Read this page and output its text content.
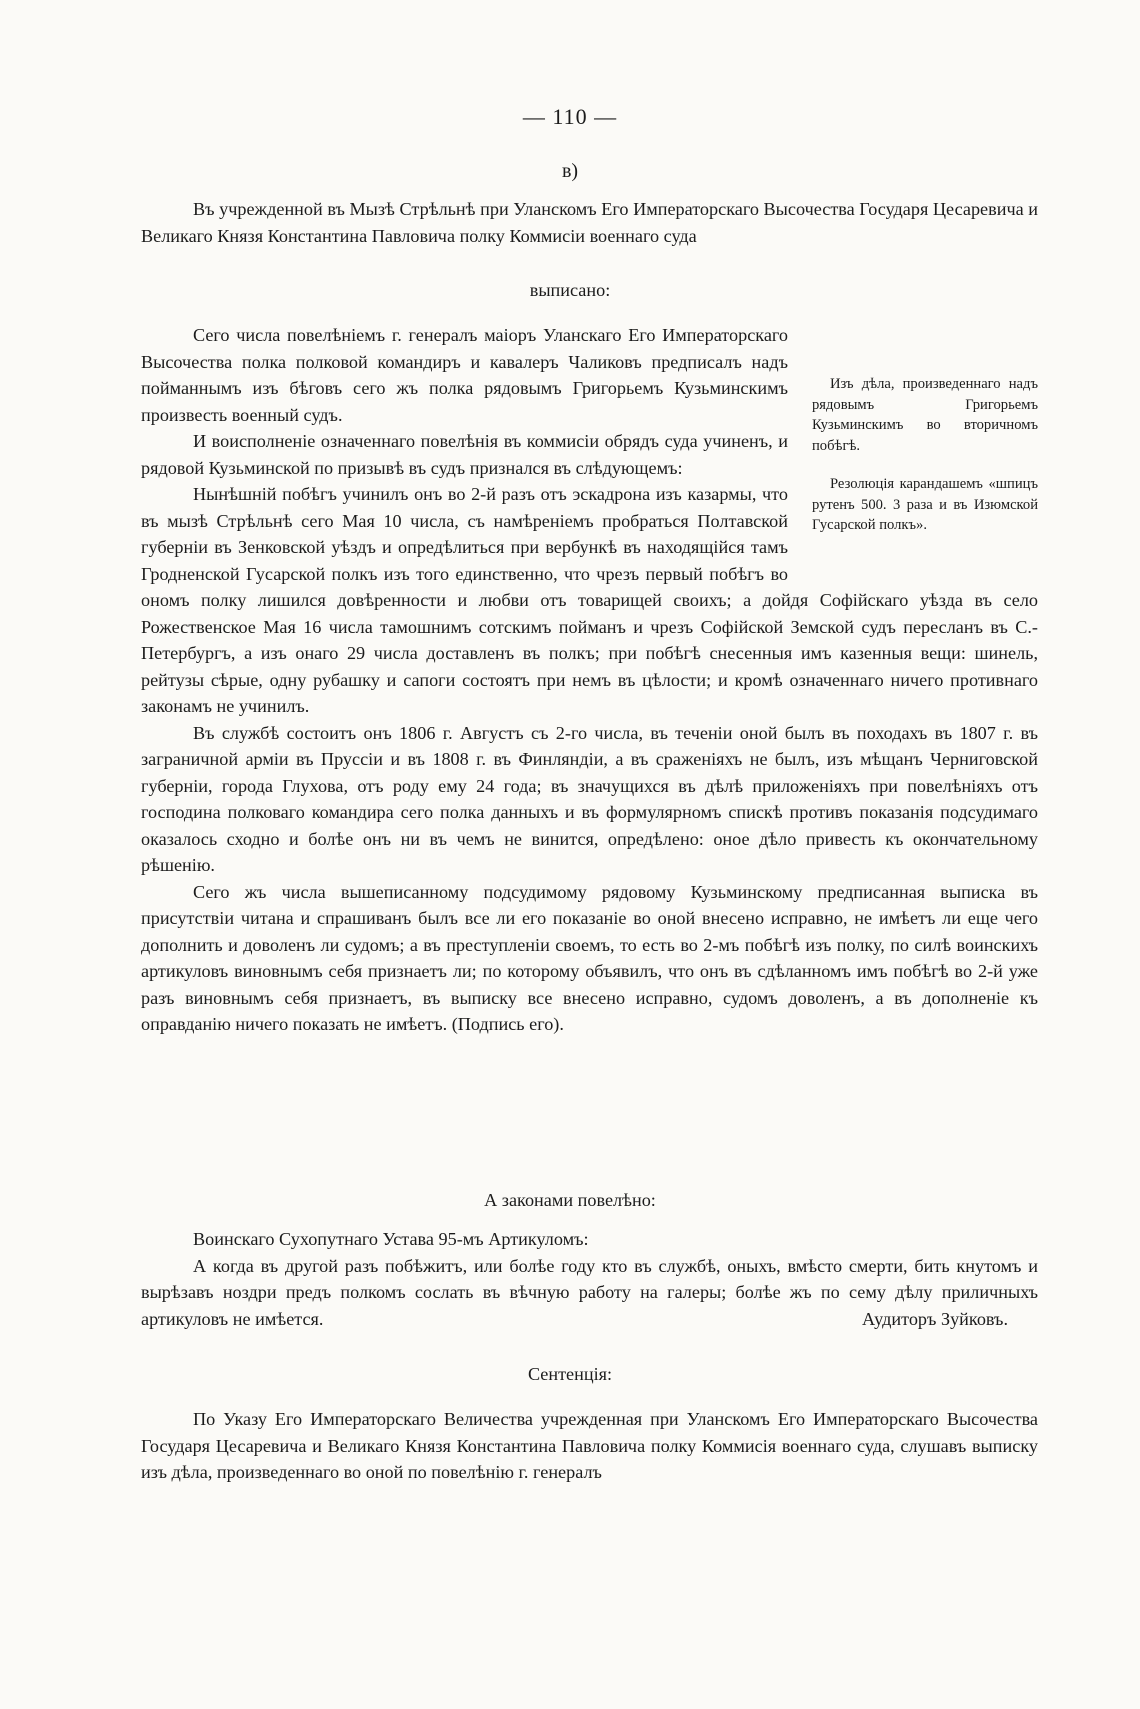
— 110 —
в)

Въ учрежденной въ Мызѣ Стрѣльнѣ при Уланскомъ Его Императорскаго Высочества Государя Цесаревича и Великаго Князя Константина Павловича полку Коммисіи военнаго суда

выписано:

Изъ дѣла, произведеннаго надъ рядовымъ Григорьемъ Кузьминскимъ во вторичномъ побѣгѣ.

Резолюція карандашемъ «шпицъ рутенъ 500. 3 раза и въ Изюмской Гусарской полкъ».

Сего числа повелѣніемъ г. генералъ маіоръ Уланскаго Его Императорскаго Высочества полка полковой командиръ и кавалеръ Чаликовъ предписалъ надъ пойманнымъ изъ бѣговъ сего жъ полка рядовымъ Григорьемъ Кузьминскимъ произвесть военный судъ.

И воисполненіе означеннаго повелѣнія въ коммисіи обрядъ суда учиненъ, и рядовой Кузьминской по призывѣ въ судъ признался въ слѣдующемъ:

Нынѣшній побѣгъ учинилъ онъ во 2-й разъ отъ эскадрона изъ казармы, что въ мызѣ Стрѣльнѣ сего Мая 10 числа, съ намѣреніемъ пробраться Полтавской губерніи въ Зенковской уѣздъ и опредѣлиться при вербункѣ въ находящійся тамъ Гродненской Гусарской полкъ изъ того единственно, что чрезъ первый побѣгъ во ономъ полку лишился довѣренности и любви отъ товарищей своихъ; а дойдя Софійскаго уѣзда въ село Рожественское Мая 16 числа тамошнимъ сотскимъ пойманъ и чрезъ Софійской Земской судъ пересланъ въ С.-Петербургъ, а изъ онаго 29 числа доставленъ въ полкъ; при побѣгѣ снесенныя имъ казенныя вещи: шинель, рейтузы сѣрые, одну рубашку и сапоги состоятъ при немъ въ цѣлости; и кромѣ означеннаго ничего противнаго законамъ не учинилъ.

Въ службѣ состоитъ онъ 1806 г. Августъ съ 2-го числа, въ теченіи оной былъ въ походахъ въ 1807 г. въ заграничной арміи въ Пруссіи и въ 1808 г. въ Финляндіи, а въ сраженіяхъ не былъ, изъ мѣщанъ Черниговской губерніи, города Глухова, отъ роду ему 24 года; въ значущихся въ дѣлѣ приложеніяхъ при повелѣніяхъ отъ господина полковаго командира сего полка данныхъ и въ формулярномъ спискѣ противъ показанія подсудимаго оказалось сходно и болѣе онъ ни въ чемъ не винится, опредѣлено: оное дѣло привесть къ окончательному рѣшенію.

Сего жъ числа вышеписанному подсудимому рядовому Кузьминскому предписанная выписка въ присутствіи читана и спрашиванъ былъ все ли его показаніе во оной внесено исправно, не имѣетъ ли еще чего дополнить и доволенъ ли судомъ; а въ преступленіи своемъ, то есть во 2-мъ побѣгѣ изъ полку, по силѣ воинскихъ артикуловъ виновнымъ себя признаетъ ли; по которому объявилъ, что онъ въ сдѣланномъ имъ побѣгѣ во 2-й уже разъ виновнымъ себя признаетъ, въ выписку все внесено исправно, судомъ доволенъ, а въ дополненіе къ оправданію ничего показать не имѣетъ. (Подпись его).

А законами повелѣно:

Воинскаго Сухопутнаго Устава 95-мъ Артикуломъ:

А когда въ другой разъ побѣжитъ, или болѣе году кто въ службѣ, оныхъ, вмѣсто смерти, бить кнутомъ и вырѣзавъ ноздри предъ полкомъ сослать въ вѣчную работу на галеры; болѣе жъ по сему дѣлу приличныхъ артикуловъ не имѣется.	Аудиторъ Зуйковъ.

Сентенція:

По Указу Его Императорскаго Величества учрежденная при Уланскомъ Его Императорскаго Высочества Государя Цесаревича и Великаго Князя Константина Павловича полку Коммисія военнаго суда, слушавъ выписку изъ дѣла, произведеннаго во оной по повелѣнію г. генералъ
